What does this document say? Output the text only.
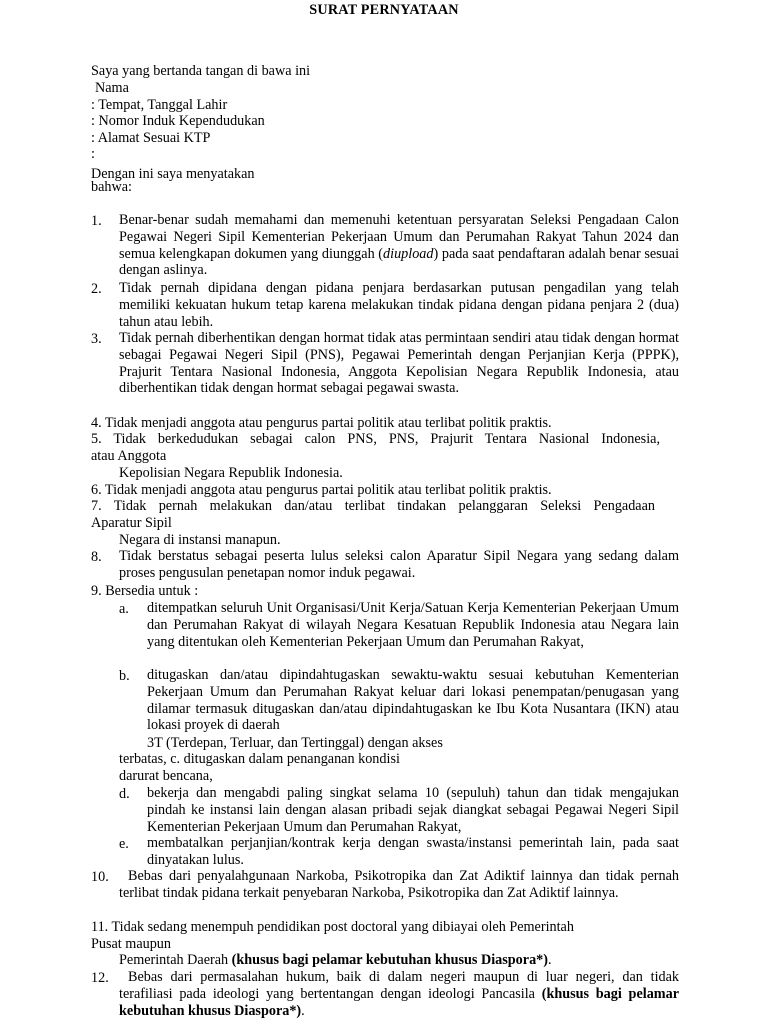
SURAT PERNYATAAN
Saya yang bertanda tangan di bawa ini
Nama
: Tempat, Tanggal Lahir
: Nomor Induk Kependudukan
: Alamat Sesuai KTP
:
Dengan ini saya menyatakan
bahwa:
1. Benar-benar sudah memahami dan memenuhi ketentuan persyaratan Seleksi Pengadaan Calon Pegawai Negeri Sipil Kementerian Pekerjaan Umum dan Perumahan Rakyat Tahun 2024 dan semua kelengkapan dokumen yang diunggah (diupload) pada saat pendaftaran adalah benar sesuai dengan aslinya.
2. Tidak pernah dipidana dengan pidana penjara berdasarkan putusan pengadilan yang telah memiliki kekuatan hukum tetap karena melakukan tindak pidana dengan pidana penjara 2 (dua) tahun atau lebih.
3. Tidak pernah diberhentikan dengan hormat tidak atas permintaan sendiri atau tidak dengan hormat sebagai Pegawai Negeri Sipil (PNS), Pegawai Pemerintah dengan Perjanjian Kerja (PPPK), Prajurit Tentara Nasional Indonesia, Anggota Kepolisian Negara Republik Indonesia, atau diberhentikan tidak dengan hormat sebagai pegawai swasta.
4. Tidak menjadi anggota atau pengurus partai politik atau terlibat politik praktis.
5. Tidak berkedudukan sebagai calon PNS, PNS, Prajurit Tentara Nasional Indonesia,
atau Anggota
Kepolisian Negara Republik Indonesia.
6. Tidak menjadi anggota atau pengurus partai politik atau terlibat politik praktis.
7. Tidak pernah melakukan dan/atau terlibat tindakan pelanggaran Seleksi Pengadaan
Aparatur Sipil
Negara di instansi manapun.
8. Tidak berstatus sebagai peserta lulus seleksi calon Aparatur Sipil Negara yang sedang dalam proses pengusulan penetapan nomor induk pegawai.
9. Bersedia untuk :
a. ditempatkan seluruh Unit Organisasi/Unit Kerja/Satuan Kerja Kementerian Pekerjaan Umum dan Perumahan Rakyat di wilayah Negara Kesatuan Republik Indonesia atau Negara lain yang ditentukan oleh Kementerian Pekerjaan Umum dan Perumahan Rakyat,
b. ditugaskan dan/atau dipindahtugaskan sewaktu-waktu sesuai kebutuhan Kementerian Pekerjaan Umum dan Perumahan Rakyat keluar dari lokasi penempatan/penugasan yang dilamar termasuk ditugaskan dan/atau dipindahtugaskan ke Ibu Kota Nusantara (IKN) atau lokasi proyek di daerah
3T (Terdepan, Terluar, dan Tertinggal) dengan akses
terbatas, c. ditugaskan dalam penanganan kondisi
darurat bencana,
d. bekerja dan mengabdi paling singkat selama 10 (sepuluh) tahun dan tidak mengajukan pindah ke instansi lain dengan alasan pribadi sejak diangkat sebagai Pegawai Negeri Sipil Kementerian Pekerjaan Umum dan Perumahan Rakyat,
e. membatalkan perjanjian/kontrak kerja dengan swasta/instansi pemerintah lain, pada saat dinyatakan lulus.
10.	Bebas dari penyalahgunaan Narkoba, Psikotropika dan Zat Adiktif lainnya dan tidak pernah terlibat tindak pidana terkait penyebaran Narkoba, Psikotropika dan Zat Adiktif lainnya.
11. Tidak sedang menempuh pendidikan post doctoral yang dibiayai oleh Pemerintah
Pusat maupun
Pemerintah Daerah (khusus bagi pelamar kebutuhan khusus Diaspora*).
12.	Bebas dari permasalahan hukum, baik di dalam negeri maupun di luar negeri, dan tidak terafiliasi pada ideologi yang bertentangan dengan ideologi Pancasila (khusus bagi pelamar kebutuhan khusus Diaspora*).
